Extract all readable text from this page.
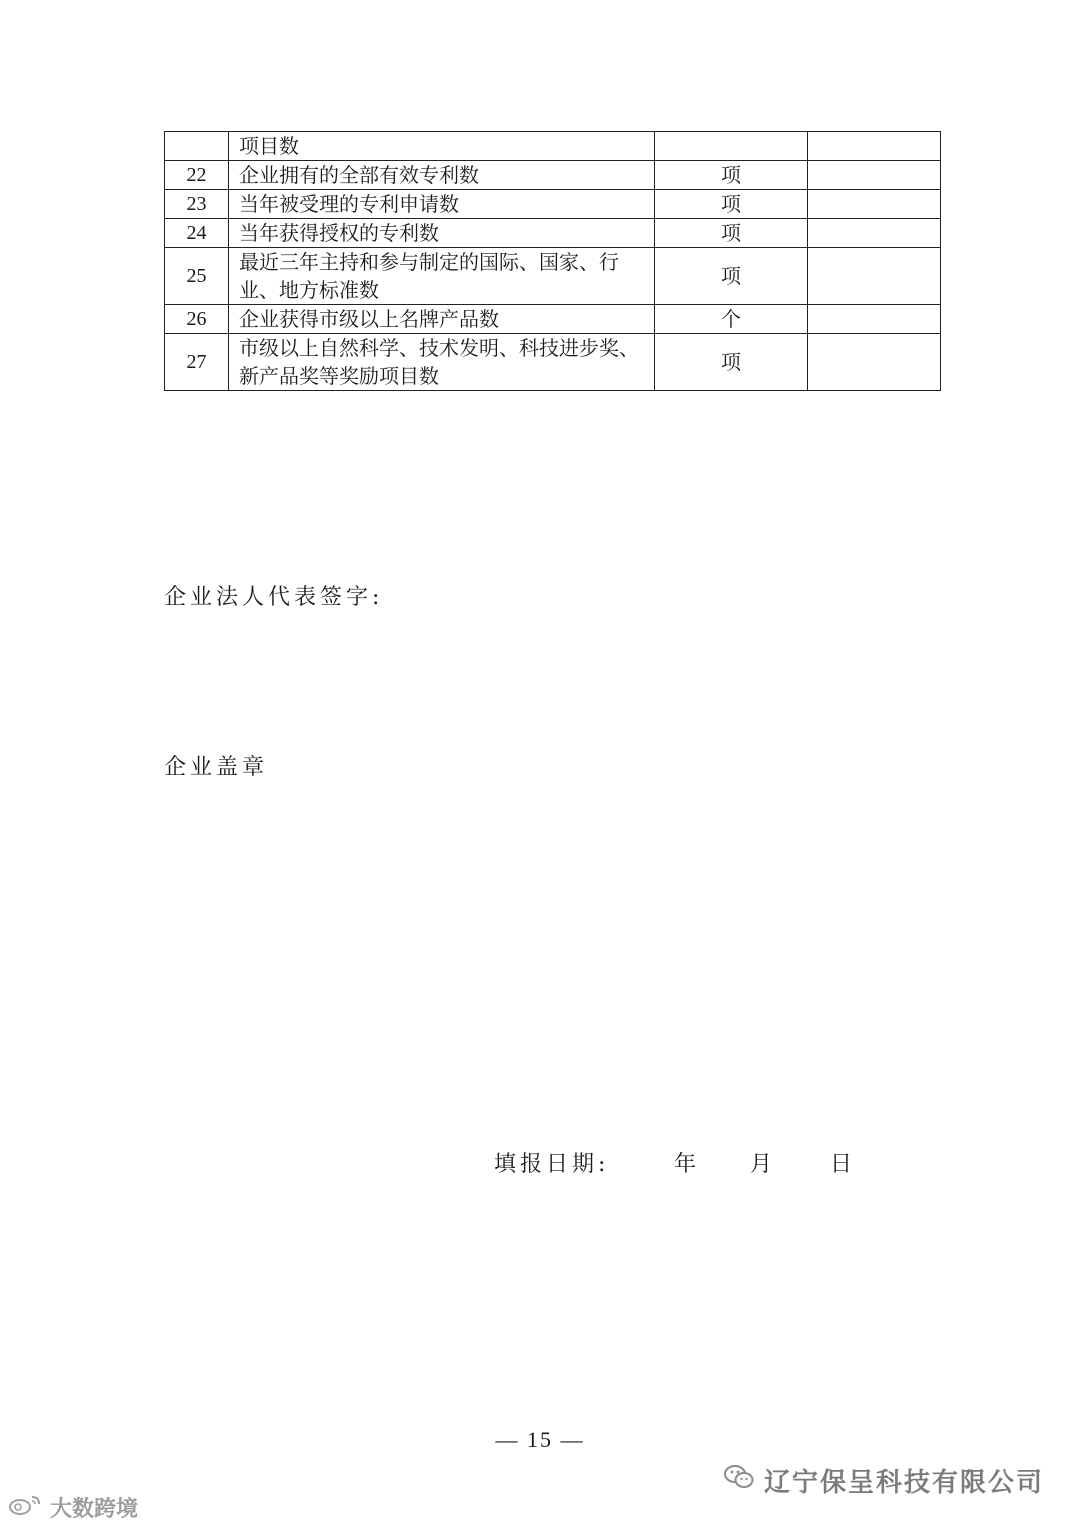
	项目数		
22	企业拥有的全部有效专利数	项	
23	当年被受理的专利申请数	项	
24	当年获得授权的专利数	项	
25	最近三年主持和参与制定的国际、国家、行业、地方标准数	项	
26	企业获得市级以上名牌产品数	个	
27	市级以上自然科学、技术发明、科技进步奖、新产品奖等奖励项目数	项	
企业法人代表签字:
企业盖章
填报日期:	年	月	日
— 15 —
辽宁保呈科技有限公司
大数跨境
